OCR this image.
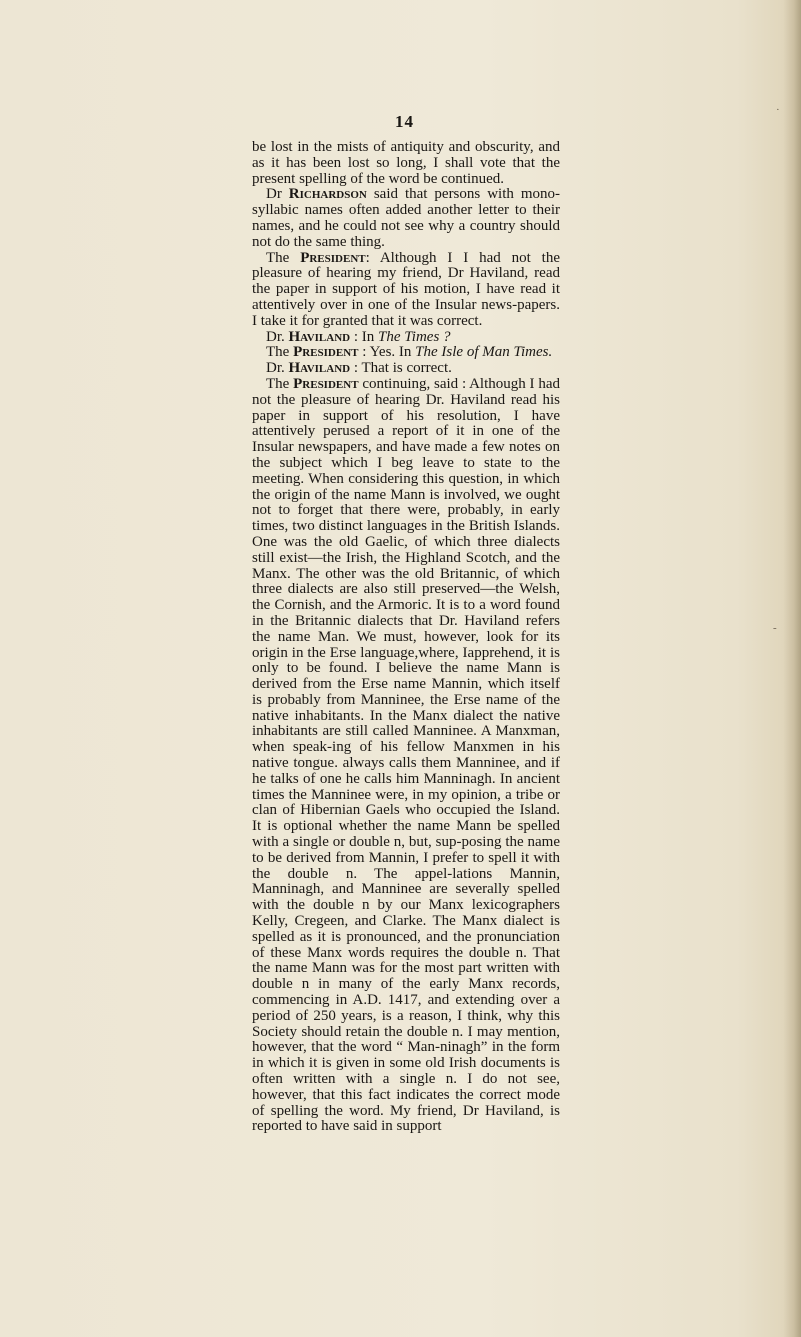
14

be lost in the mists of antiquity and obscurity, and as it has been lost so long, I shall vote that the present spelling of the word be continued.

Dr Richardson said that persons with mono-syllabic names often added another letter to their names, and he could not see why a country should not do the same thing.

The President: Although I I had not the pleasure of hearing my friend, Dr Haviland, read the paper in support of his motion, I have read it attentively over in one of the Insular news-papers. I take it for granted that it was correct.

Dr. Haviland : In The Times ?

The President : Yes. In The Isle of Man Times.

Dr. Haviland : That is correct.

The President continuing, said : Although I had not the pleasure of hearing Dr. Haviland read his paper in support of his resolution, I have attentively perused a report of it in one of the Insular newspapers, and have made a few notes on the subject which I beg leave to state to the meeting. When considering this question, in which the origin of the name Mann is involved, we ought not to forget that there were, probably, in early times, two distinct languages in the British Islands. One was the old Gaelic, of which three dialects still exist—the Irish, the Highland Scotch, and the Manx. The other was the old Britannic, of which three dialects are also still preserved—the Welsh, the Cornish, and the Armoric. It is to a word found in the Britannic dialects that Dr. Haviland refers the name Man. We must, however, look for its origin in the Erse language,where, Iapprehend, it is only to be found. I believe the name Mann is derived from the Erse name Mannin, which itself is probably from Manninee, the Erse name of the native inhabitants. In the Manx dialect the native inhabitants are still called Manninee. A Manxman, when speak-ing of his fellow Manxmen in his native tongue. always calls them Manninee, and if he talks of one he calls him Manninagh. In ancient times the Manninee were, in my opinion, a tribe or clan of Hibernian Gaels who occupied the Island. It is optional whether the name Mann be spelled with a single or double n, but, sup-posing the name to be derived from Mannin, I prefer to spell it with the double n. The appel-lations Mannin, Manninagh, and Manninee are severally spelled with the double n by our Manx lexicographers Kelly, Cregeen, and Clarke. The Manx dialect is spelled as it is pronounced, and the pronunciation of these Manx words requires the double n. That the name Mann was for the most part written with double n in many of the early Manx records, commencing in A.D. 1417, and extending over a period of 250 years, is a reason, I think, why this Society should retain the double n. I may mention, however, that the word “ Man-ninagh” in the form in which it is given in some old Irish documents is often written with a single n. I do not see, however, that this fact indicates the correct mode of spelling the word. My friend, Dr Haviland, is reported to have said in support

·
‑
